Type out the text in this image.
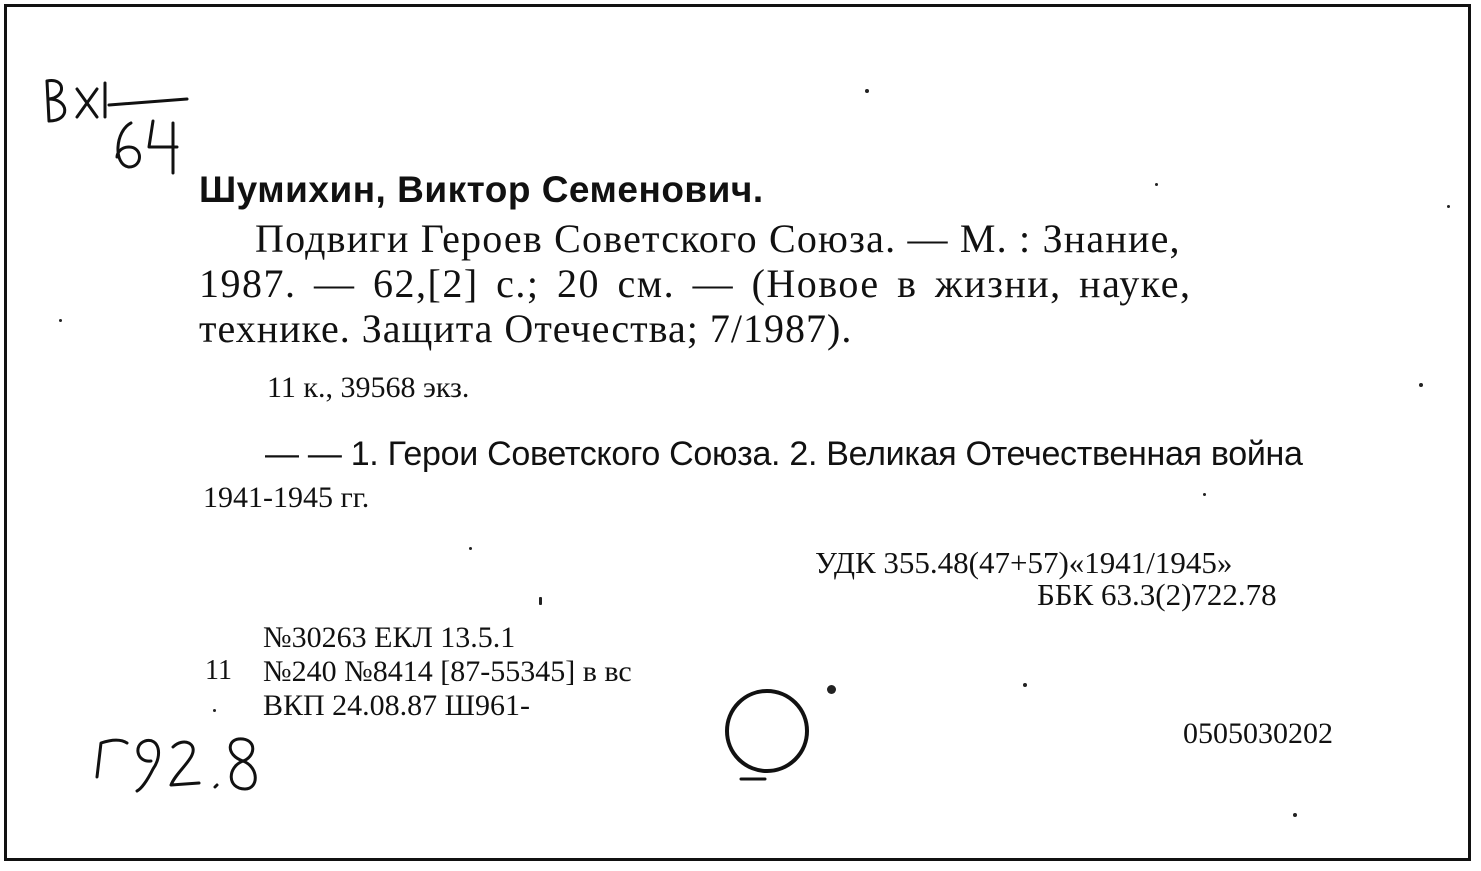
Шумихин, Виктор Семенович.
Подвиги Героев Советского Союза. — М. : Знание,
1987. — 62,[2] с.; 20 см. — (Новое в жизни, науке,
технике. Защита Отечества; 7/1987).
11 к., 39568 экз.
— — 1. Герои Советского Союза. 2. Великая Отечественная война
1941-1945 гг.
УДК 355.48(47+57)«1941/1945»
ББК 63.3(2)722.78
11
№30263 ЕКЛ 13.5.1
№240 №8414 [87-55345] в вс
ВКП 24.08.87 Ш961-
0505030202
